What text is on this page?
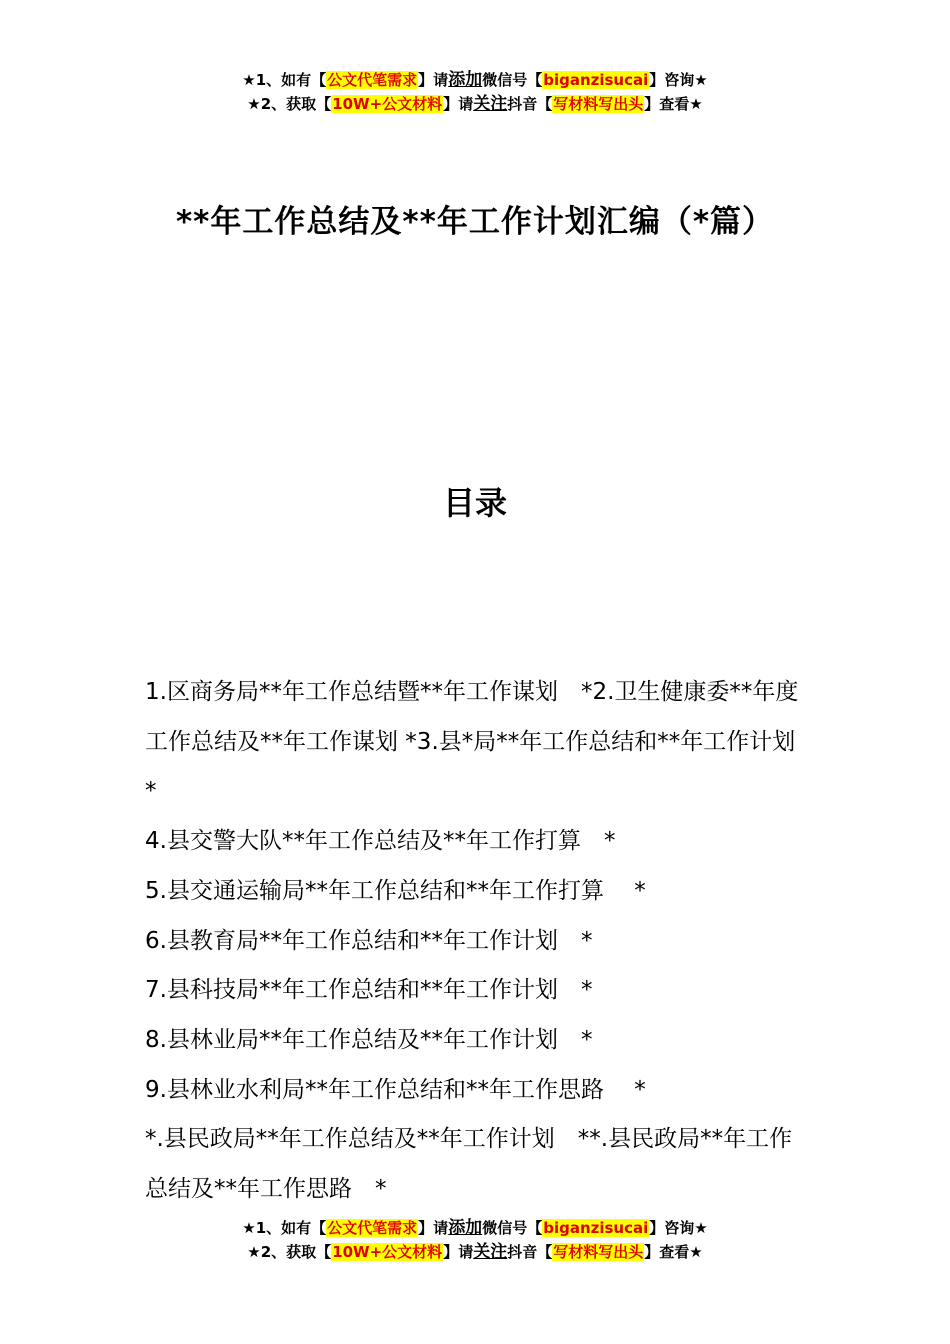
★1、如有【公文代笔需求】请添加微信号【biganzisucai】咨询★
★2、获取【10W+公文材料】请关注抖音【写材料写出头】查看★
**年工作总结及**年工作计划汇编（*篇）
目录

1.区商务局**年工作总结暨**年工作谋划　*2.卫生健康委**年度工作总结及**年工作谋划 *3.县*局**年工作总结和**年工作计划　 *

4.县交警大队**年工作总结及**年工作打算　*

5.县交通运输局**年工作总结和**年工作打算　 *

6.县教育局**年工作总结和**年工作计划　*

7.县科技局**年工作总结和**年工作计划　*

8.县林业局**年工作总结及**年工作计划　*

9.县林业水利局**年工作总结和**年工作思路　 *

*.县民政局**年工作总结及**年工作计划　**.县民政局**年工作总结及**年工作思路　*

★1、如有【公文代笔需求】请添加微信号【biganzisucai】咨询★
★2、获取【10W+公文材料】请关注抖音【写材料写出头】查看★
